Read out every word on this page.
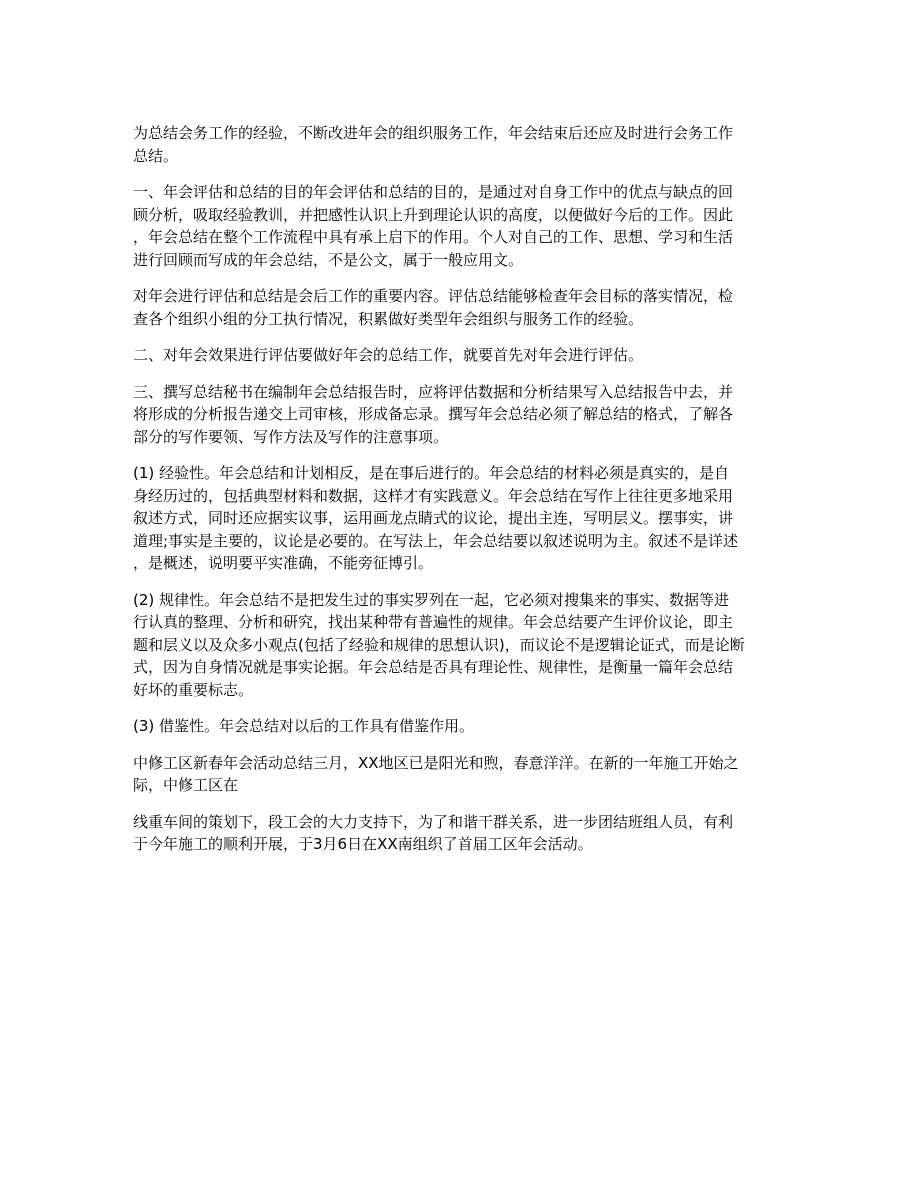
为总结会务工作的经验，不断改进年会的组织服务工作，年会结束后还应及时进行会务工作
总结。
一、年会评估和总结的目的年会评估和总结的目的，是通过对自身工作中的优点与缺点的回
顾分析，吸取经验教训，并把感性认识上升到理论认识的高度，以便做好今后的工作。因此
，年会总结在整个工作流程中具有承上启下的作用。个人对自己的工作、思想、学习和生活
进行回顾而写成的年会总结，不是公文，属于一般应用文。
对年会进行评估和总结是会后工作的重要内容。评估总结能够检查年会目标的落实情况，检
查各个组织小组的分工执行情况，积累做好类型年会组织与服务工作的经验。
二、对年会效果进行评估要做好年会的总结工作，就要首先对年会进行评估。
三、撰写总结秘书在编制年会总结报告时，应将评估数据和分析结果写入总结报告中去，并
将形成的分析报告递交上司审核，形成备忘录。撰写年会总结必须了解总结的格式，了解各
部分的写作要领、写作方法及写作的注意事项。
(1) 经验性。年会总结和计划相反，是在事后进行的。年会总结的材料必须是真实的，是自
身经历过的，包括典型材料和数据，这样才有实践意义。年会总结在写作上往往更多地采用
叙述方式，同时还应据实议事，运用画龙点睛式的议论，提出主连，写明层义。摆事实，讲
道理;事实是主要的，议论是必要的。在写法上，年会总结要以叙述说明为主。叙述不是详述
，是概述，说明要平实准确，不能旁征博引。
(2) 规律性。年会总结不是把发生过的事实罗列在一起，它必须对搜集来的事实、数据等进
行认真的整理、分析和研究，找出某种带有普遍性的规律。年会总结要产生评价议论，即主
题和层义以及众多小观点(包括了经验和规律的思想认识)，而议论不是逻辑论证式，而是论断
式，因为自身情况就是事实论据。年会总结是否具有理论性、规律性，是衡量一篇年会总结
好坏的重要标志。
(3) 借鉴性。年会总结对以后的工作具有借鉴作用。
中修工区新春年会活动总结三月，XX地区已是阳光和煦，春意洋洋。在新的一年施工开始之
际，中修工区在
线重车间的策划下，段工会的大力支持下，为了和谐干群关系，进一步团结班组人员，有利
于今年施工的顺利开展，于3月6日在XX南组织了首届工区年会活动。
